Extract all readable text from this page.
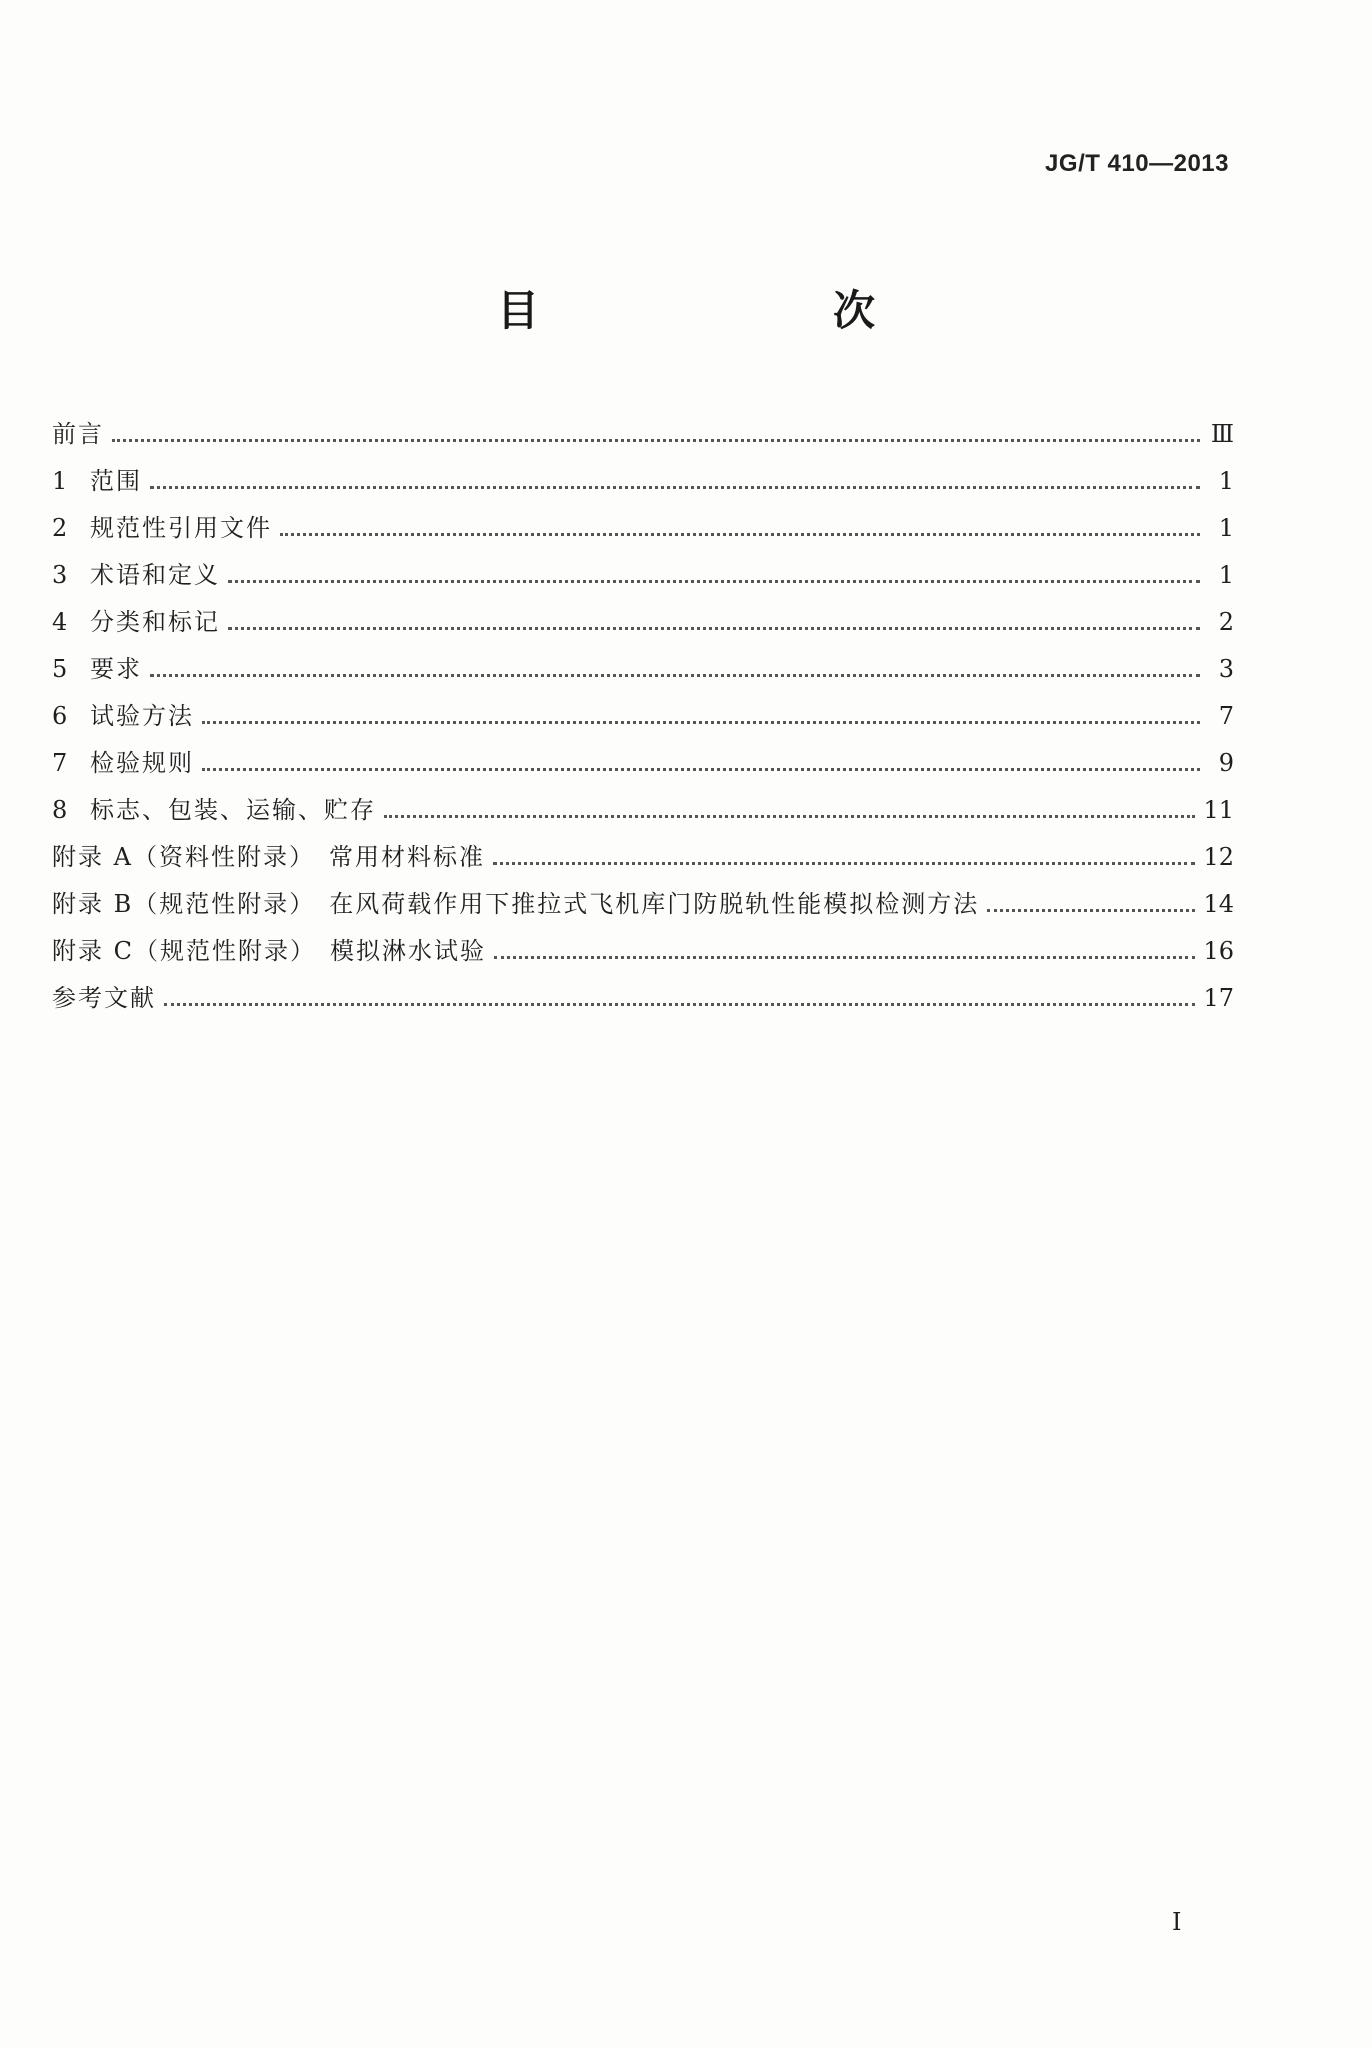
JG/T 410—2013
目　　次
前言	Ⅲ
1 范围	1
2 规范性引用文件	1
3 术语和定义	1
4 分类和标记	2
5 要求	3
6 试验方法	7
7 检验规则	9
8 标志、包装、运输、贮存	11
附录 A（资料性附录）　常用材料标准	12
附录 B（规范性附录）　在风荷载作用下推拉式飞机库门防脱轨性能模拟检测方法	14
附录 C（规范性附录）　模拟淋水试验	16
参考文献	17
I
